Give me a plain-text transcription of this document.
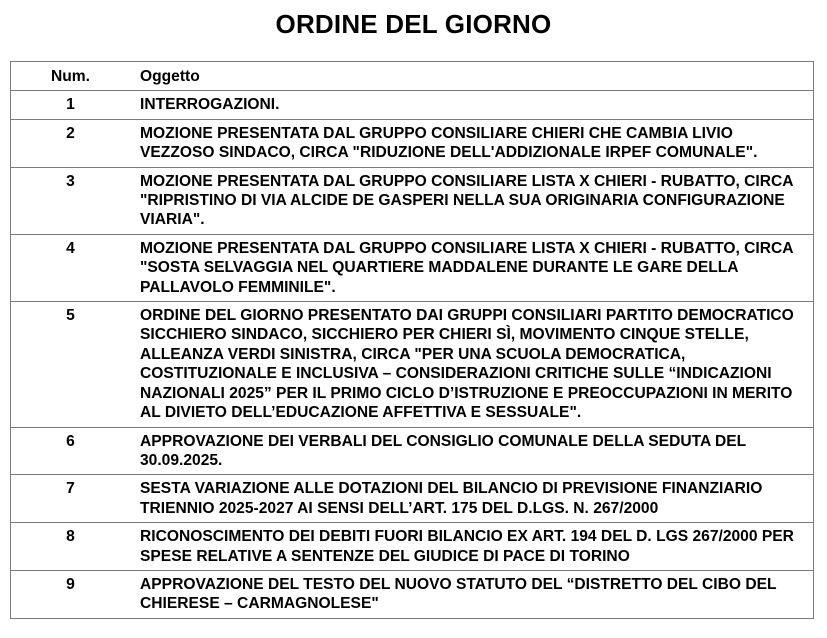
ORDINE DEL GIORNO
Num.	Oggetto
1	INTERROGAZIONI.
2	MOZIONE PRESENTATA DAL GRUPPO CONSILIARE CHIERI CHE CAMBIA LIVIO VEZZOSO SINDACO, CIRCA "RIDUZIONE DELL'ADDIZIONALE IRPEF COMUNALE".
3	MOZIONE PRESENTATA DAL GRUPPO CONSILIARE LISTA X CHIERI - RUBATTO, CIRCA "RIPRISTINO DI VIA ALCIDE DE GASPERI NELLA SUA ORIGINARIA CONFIGURAZIONE VIARIA".
4	MOZIONE PRESENTATA DAL GRUPPO CONSILIARE LISTA X CHIERI - RUBATTO, CIRCA "SOSTA SELVAGGIA NEL QUARTIERE MADDALENE DURANTE LE GARE DELLA PALLAVOLO FEMMINILE".
5	ORDINE DEL GIORNO PRESENTATO DAI GRUPPI CONSILIARI PARTITO DEMOCRATICO SICCHIERO SINDACO, SICCHIERO PER CHIERI SÌ, MOVIMENTO CINQUE STELLE, ALLEANZA VERDI SINISTRA, CIRCA "PER UNA SCUOLA DEMOCRATICA, COSTITUZIONALE E INCLUSIVA – CONSIDERAZIONI CRITICHE SULLE “INDICAZIONI NAZIONALI 2025” PER IL PRIMO CICLO D’ISTRUZIONE E PREOCCUPAZIONI IN MERITO AL DIVIETO DELL’EDUCAZIONE AFFETTIVA E SESSUALE".
6	APPROVAZIONE DEI VERBALI DEL CONSIGLIO COMUNALE DELLA SEDUTA DEL 30.09.2025.
7	SESTA VARIAZIONE ALLE DOTAZIONI DEL BILANCIO DI PREVISIONE FINANZIARIO TRIENNIO 2025-2027 AI SENSI DELL’ART. 175 DEL D.LGS. N. 267/2000
8	RICONOSCIMENTO DEI DEBITI FUORI BILANCIO EX ART. 194 DEL D. LGS 267/2000 PER SPESE RELATIVE A SENTENZE DEL GIUDICE DI PACE DI TORINO
9	APPROVAZIONE DEL TESTO DEL NUOVO STATUTO DEL “DISTRETTO DEL CIBO DEL CHIERESE – CARMAGNOLESE"
